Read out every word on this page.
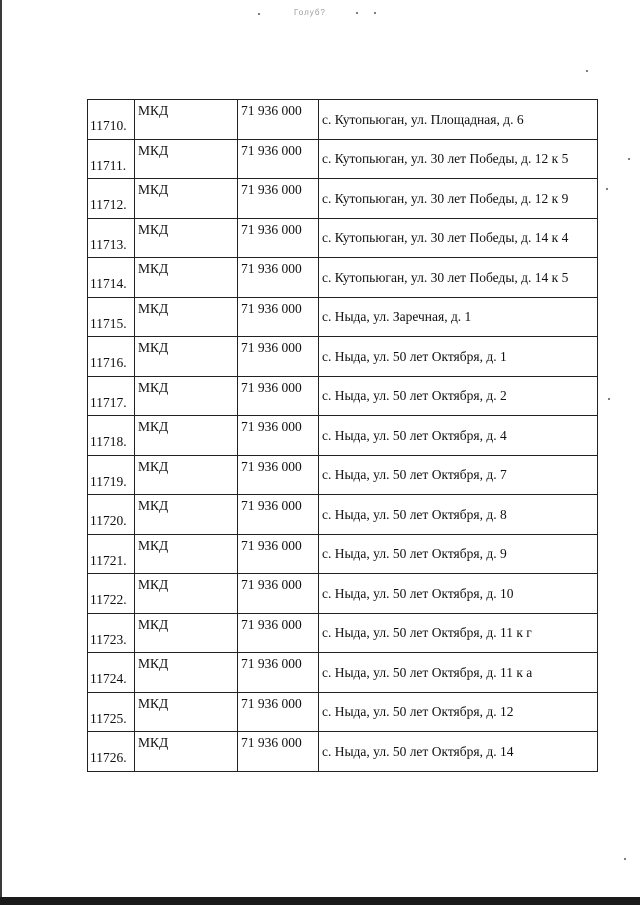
Голуб?
11710.	МКД	71 936 000	с. Кутопьюган, ул. Площадная, д. 6
11711.	МКД	71 936 000	с. Кутопьюган, ул. 30 лет Победы, д. 12 к 5
11712.	МКД	71 936 000	с. Кутопьюган, ул. 30 лет Победы, д. 12 к 9
11713.	МКД	71 936 000	с. Кутопьюган, ул. 30 лет Победы, д. 14 к 4
11714.	МКД	71 936 000	с. Кутопьюган, ул. 30 лет Победы, д. 14 к 5
11715.	МКД	71 936 000	с. Ныда, ул. Заречная, д. 1
11716.	МКД	71 936 000	с. Ныда, ул. 50 лет Октября, д. 1
11717.	МКД	71 936 000	с. Ныда, ул. 50 лет Октября, д. 2
11718.	МКД	71 936 000	с. Ныда, ул. 50 лет Октября, д. 4
11719.	МКД	71 936 000	с. Ныда, ул. 50 лет Октября, д. 7
11720.	МКД	71 936 000	с. Ныда, ул. 50 лет Октября, д. 8
11721.	МКД	71 936 000	с. Ныда, ул. 50 лет Октября, д. 9
11722.	МКД	71 936 000	с. Ныда, ул. 50 лет Октября, д. 10
11723.	МКД	71 936 000	с. Ныда, ул. 50 лет Октября, д. 11 к г
11724.	МКД	71 936 000	с. Ныда, ул. 50 лет Октября, д. 11 к а
11725.	МКД	71 936 000	с. Ныда, ул. 50 лет Октября, д. 12
11726.	МКД	71 936 000	с. Ныда, ул. 50 лет Октября, д. 14
